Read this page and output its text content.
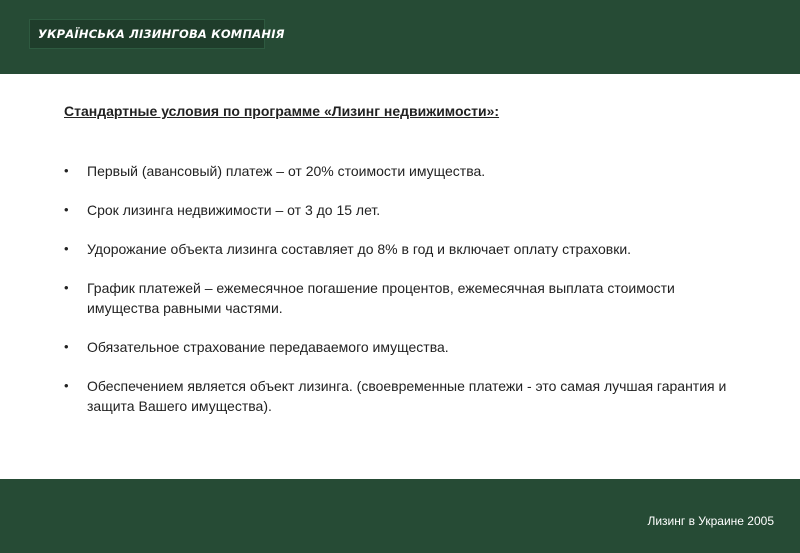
УКРАЇНСЬКА ЛІЗИНГОВА КОМПАНІЯ
Стандартные условия по программе «Лизинг недвижимости»:
•	Первый (авансовый) платеж – от 20% стоимости имущества.
•	Срок лизинга недвижимости – от 3 до 15 лет.
•	Удорожание объекта лизинга составляет до 8% в год и включает оплату страховки.
•	График платежей – ежемесячное погашение процентов, ежемесячная выплата стоимости имущества равными частями.
•	Обязательное страхование передаваемого имущества.
•	Обеспечением является объект лизинга. (своевременные платежи - это самая лучшая гарантия и защита Вашего имущества).
Лизинг в Украине 2005
